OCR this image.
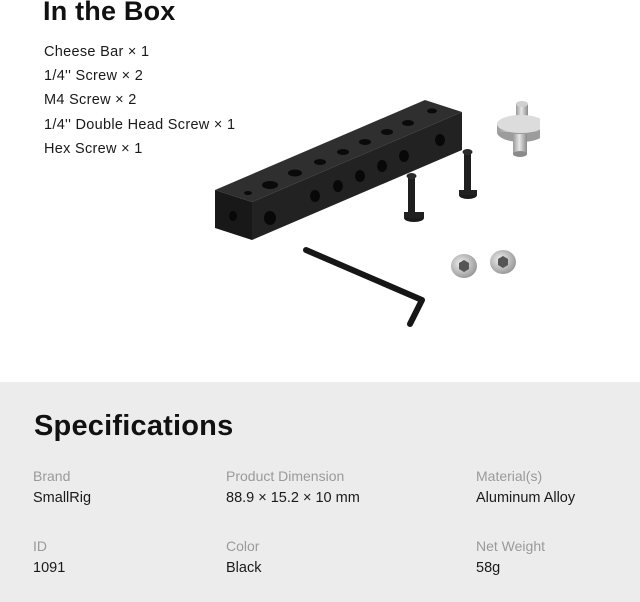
In the Box
Cheese Bar × 1
1/4'' Screw × 2
M4 Screw × 2
1/4'' Double Head Screw × 1
Hex Screw × 1
Specifications
Brand
SmallRig
Product Dimension
88.9 × 15.2 × 10 mm
Material(s)
Aluminum Alloy
ID
1091
Color
Black
Net Weight
58g
